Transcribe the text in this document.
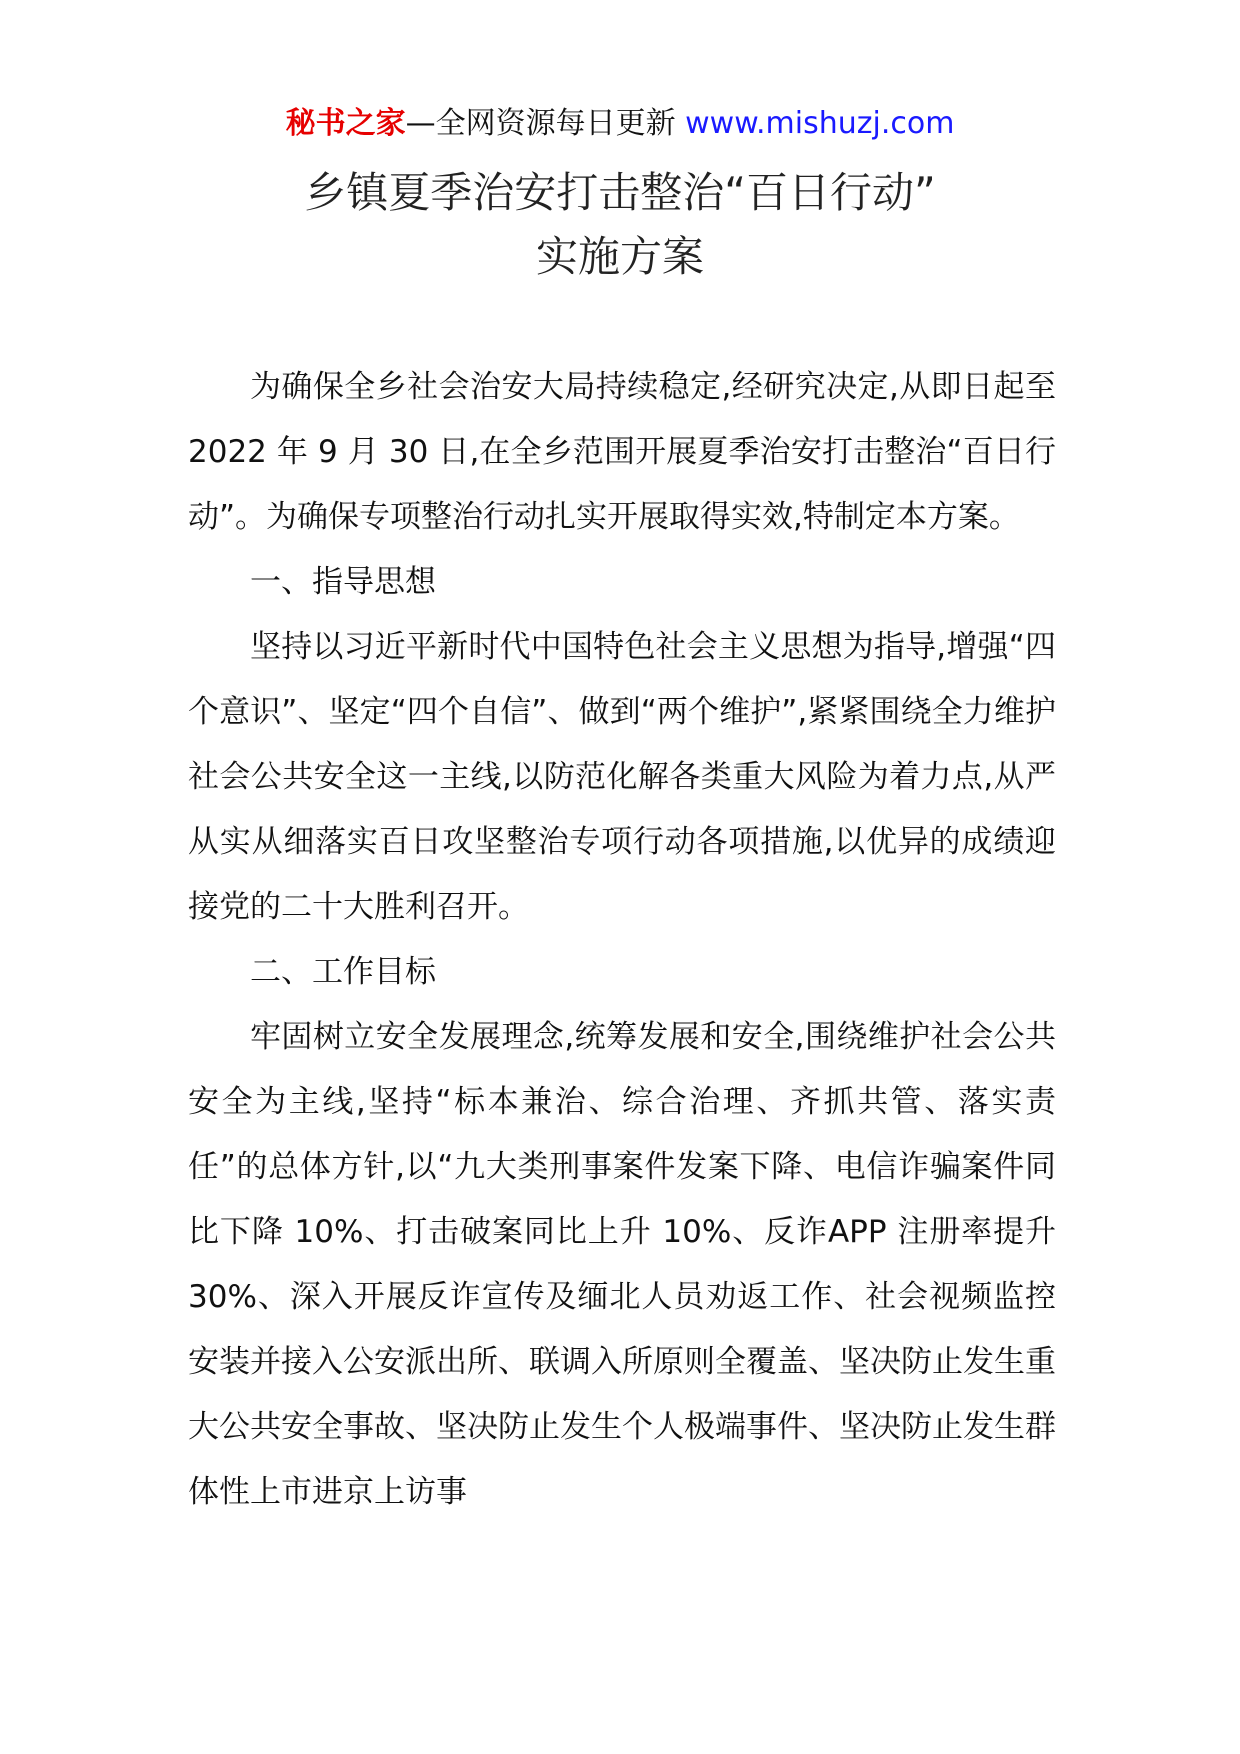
秘书之家—全网资源每日更新 www.mishuzj.com
乡镇夏季治安打击整治“百日行动”
实施方案

为确保全乡社会治安大局持续稳定,经研究决定,从即日起至 2022 年 9 月 30 日,在全乡范围开展夏季治安打击整治“百日行动”。为确保专项整治行动扎实开展取得实效,特制定本方案。

一、指导思想

坚持以习近平新时代中国特色社会主义思想为指导,增强“四个意识”、坚定“四个自信”、做到“两个维护”,紧紧围绕全力维护社会公共安全这一主线,以防范化解各类重大风险为着力点,从严从实从细落实百日攻坚整治专项行动各项措施,以优异的成绩迎接党的二十大胜利召开。

二、工作目标

牢固树立安全发展理念,统筹发展和安全,围绕维护社会公共安全为主线,坚持“标本兼治、综合治理、齐抓共管、落实责任”的总体方针,以“九大类刑事案件发案下降、电信诈骗案件同比下降 10%、打击破案同比上升 10%、反诈APP 注册率提升 30%、深入开展反诈宣传及缅北人员劝返工作、社会视频监控安装并接入公安派出所、联调入所原则全覆盖、坚决防止发生重大公共安全事故、坚决防止发生个人极端事件、坚决防止发生群体性上市进京上访事
